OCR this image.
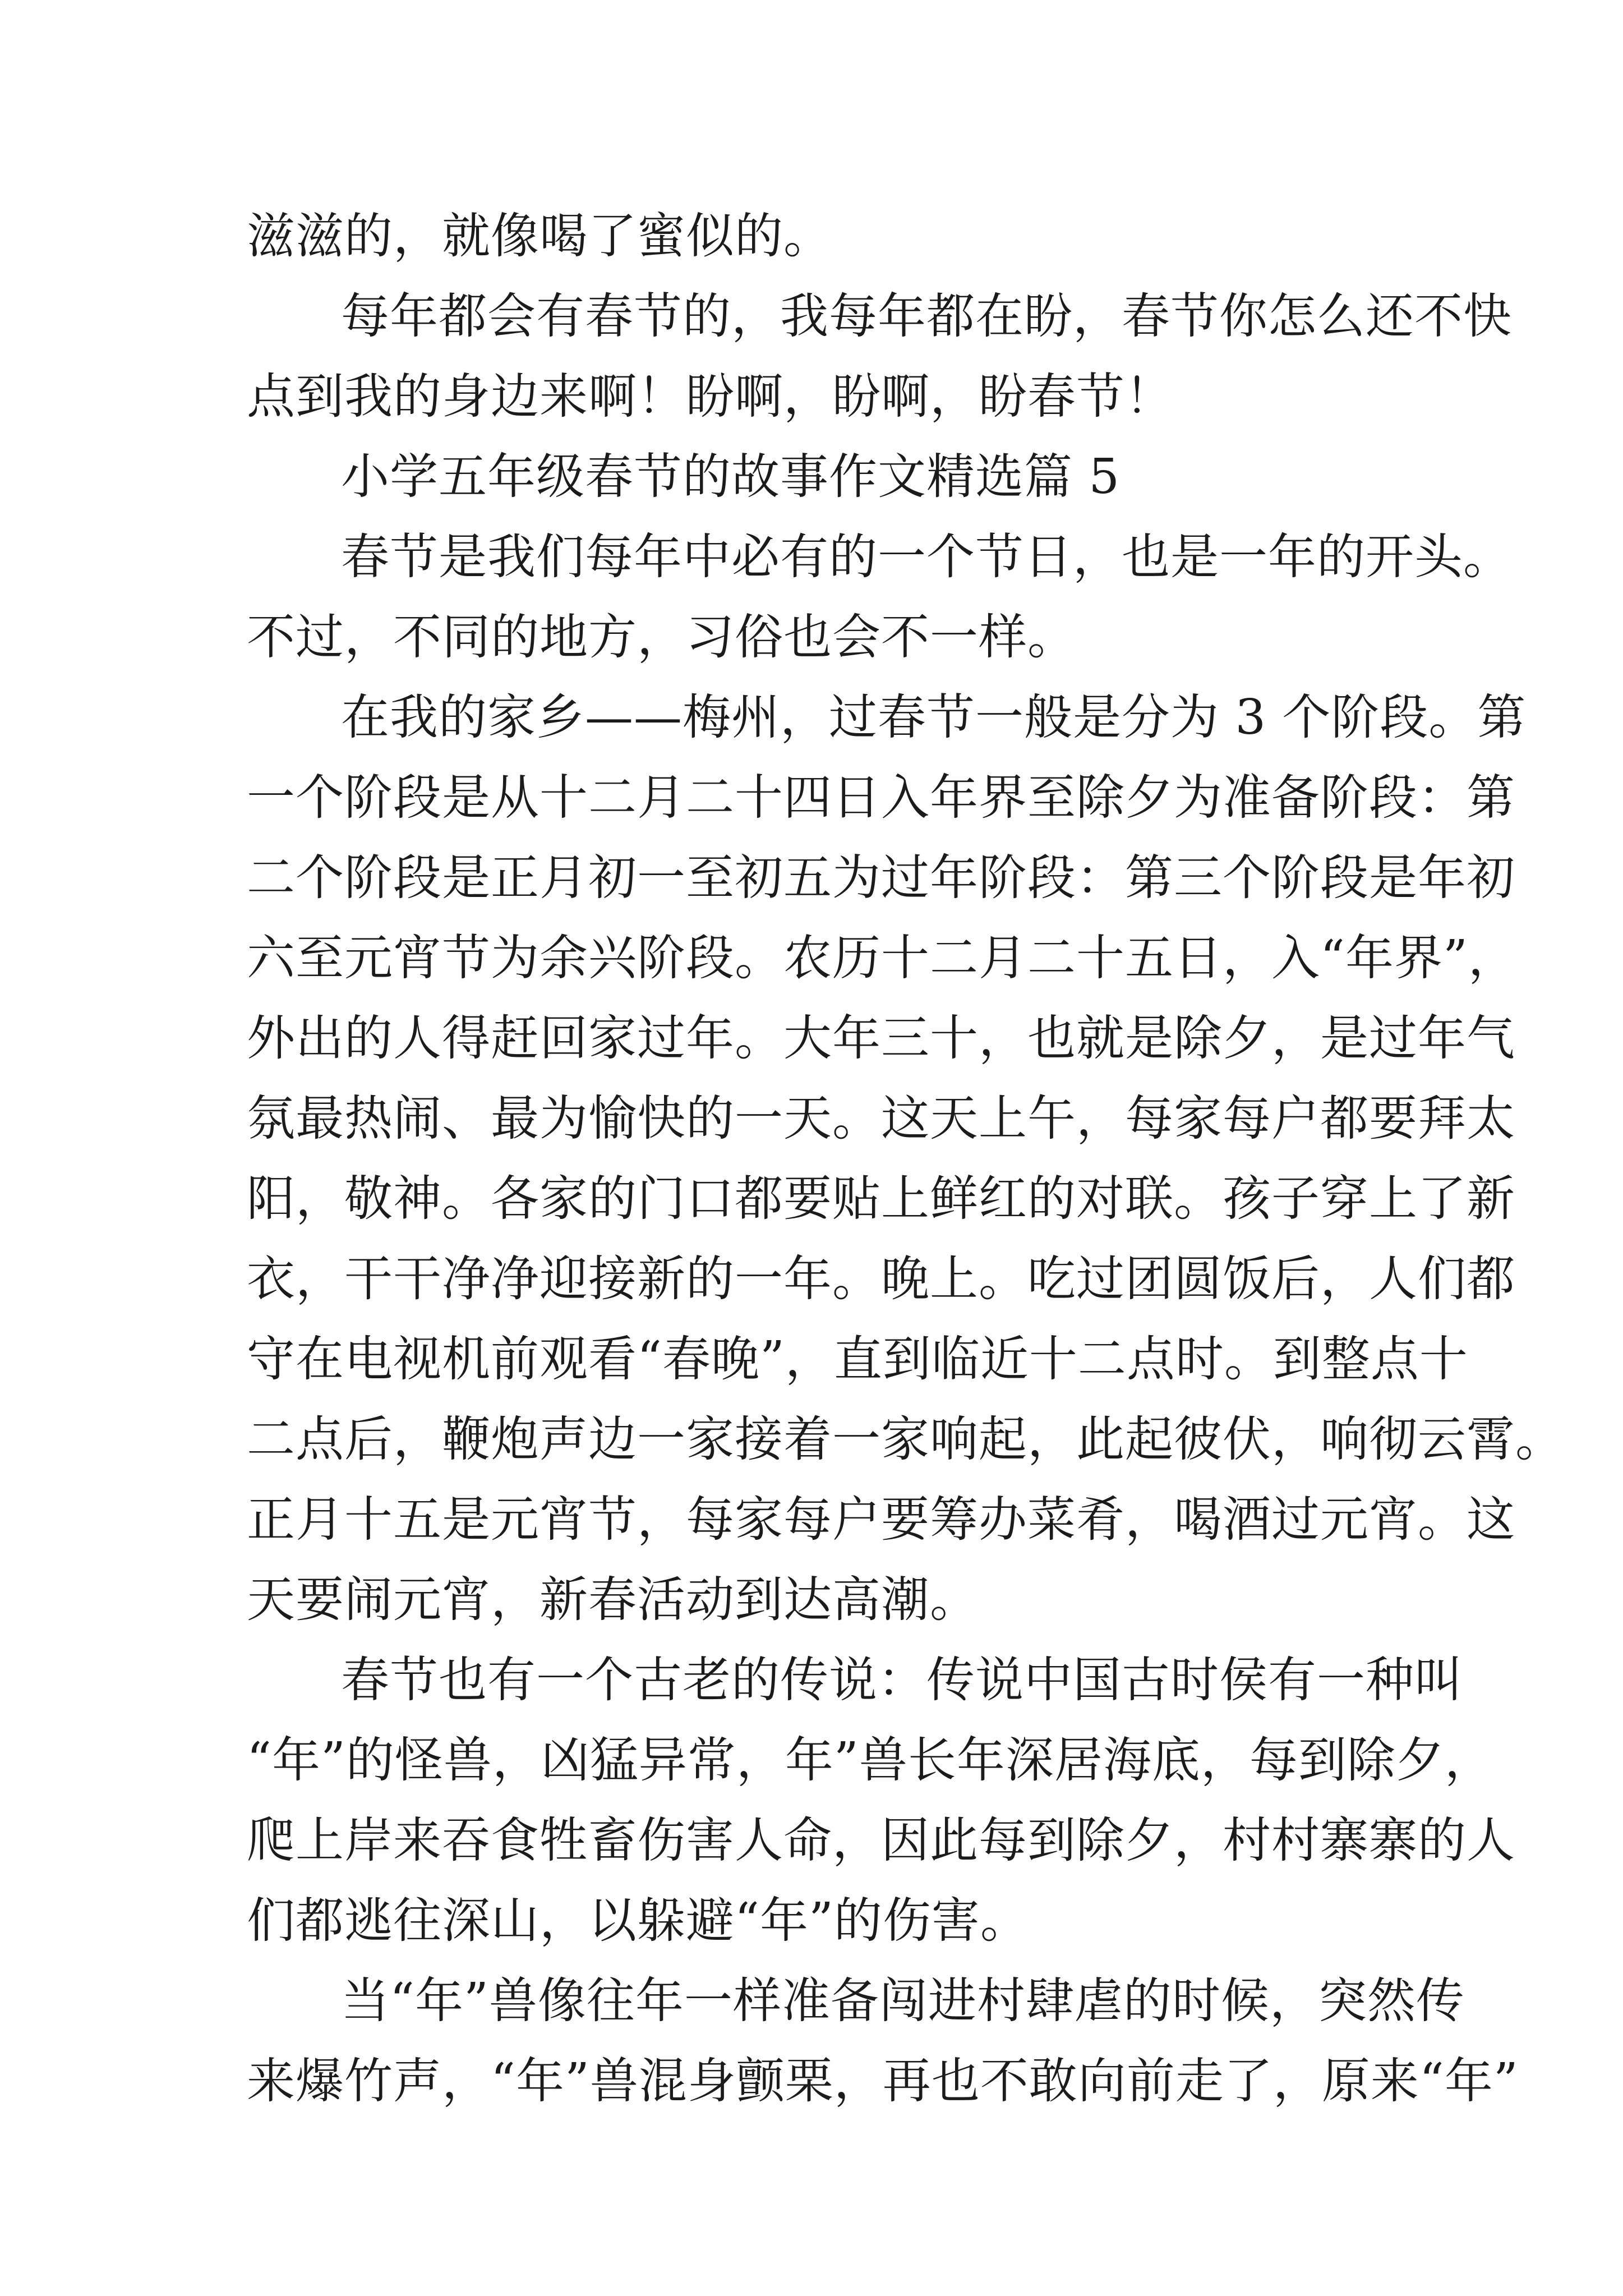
滋滋的，就像喝了蜜似的。
每年都会有春节的，我每年都在盼，春节你怎么还不快
点到我的身边来啊！盼啊，盼啊，盼春节！
小学五年级春节的故事作文精选篇 5
春节是我们每年中必有的一个节日，也是一年的开头。
不过，不同的地方，习俗也会不一样。
在我的家乡——梅州，过春节一般是分为 3 个阶段。第
一个阶段是从十二月二十四日入年界至除夕为准备阶段：第
二个阶段是正月初一至初五为过年阶段：第三个阶段是年初
六至元宵节为余兴阶段。农历十二月二十五日，入“年界”，
外出的人得赶回家过年。大年三十，也就是除夕，是过年气
氛最热闹、最为愉快的一天。这天上午，每家每户都要拜太
阳，敬神。各家的门口都要贴上鲜红的对联。孩子穿上了新
衣，干干净净迎接新的一年。晚上。吃过团圆饭后，人们都
守在电视机前观看“春晚”，直到临近十二点时。到整点十
二点后，鞭炮声边一家接着一家响起，此起彼伏，响彻云霄。
正月十五是元宵节，每家每户要筹办菜肴，喝酒过元宵。这
天要闹元宵，新春活动到达高潮。
春节也有一个古老的传说：传说中国古时侯有一种叫
“年”的怪兽，凶猛异常，年”兽长年深居海底，每到除夕，
爬上岸来吞食牲畜伤害人命，因此每到除夕，村村寨寨的人
们都逃往深山，以躲避“年”的伤害。
当“年”兽像往年一样准备闯进村肆虐的时候，突然传
来爆竹声，“年”兽混身颤栗，再也不敢向前走了，原来“年”
